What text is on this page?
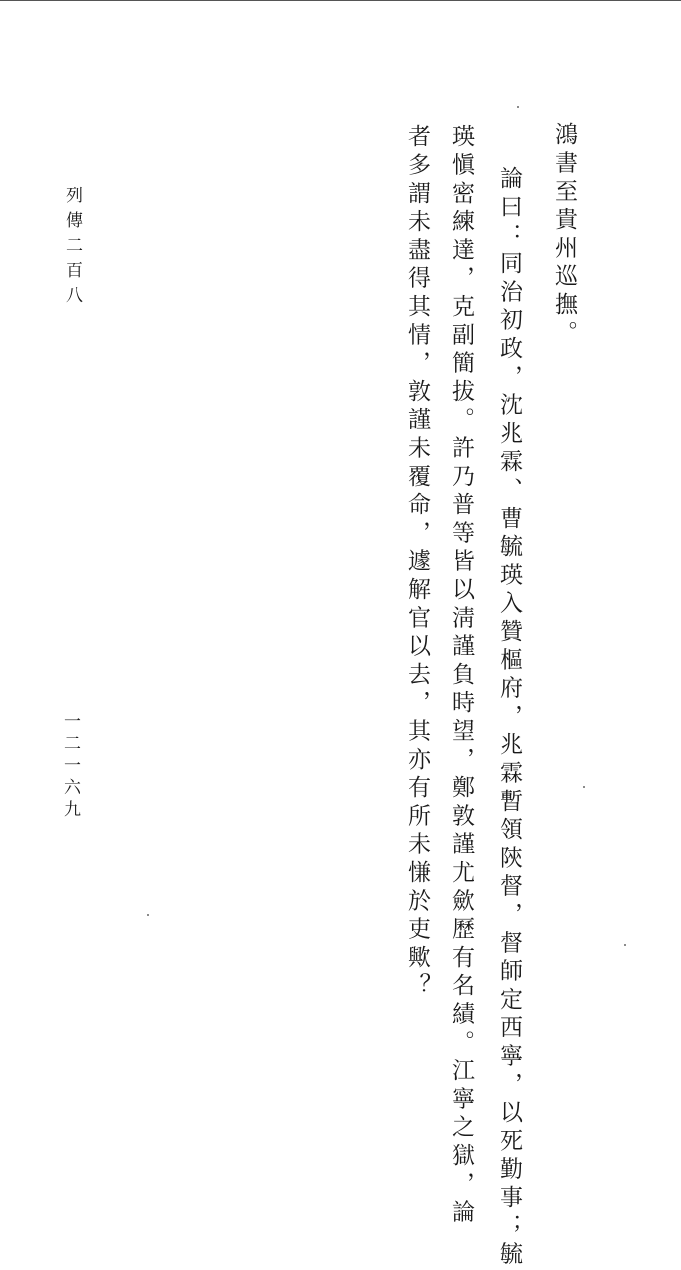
鴻書至貴州巡撫。
論曰：同治初政，沈兆霖、曹毓瑛入贊樞府，兆霖暫領陝督，督師定西寧，以死勤事；毓
瑛愼密練達，克副簡拔。許乃普等皆以淸謹負時望，鄭敦謹尤歛歷有名績。江寧之獄，論
者多謂未盡得其情，敦謹未覆命，遽解官以去，其亦有所未慊於吏歟？
列傳二百八
一二一六九
